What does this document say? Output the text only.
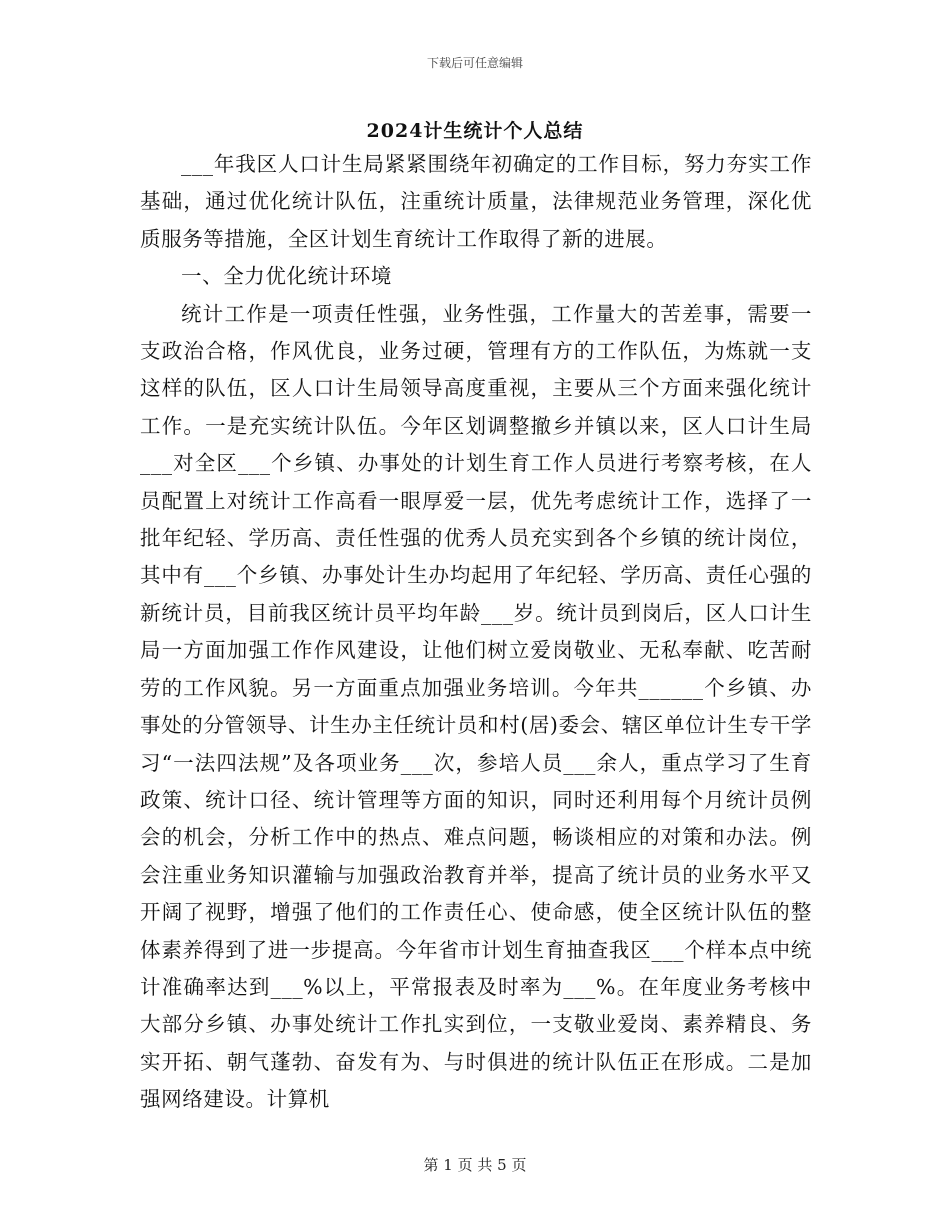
下载后可任意编辑
2024计生统计个人总结

___年我区人口计生局紧紧围绕年初确定的工作目标，努力夯实工作基础，通过优化统计队伍，注重统计质量，法律规范业务管理，深化优质服务等措施，全区计划生育统计工作取得了新的进展。

一、全力优化统计环境

统计工作是一项责任性强，业务性强，工作量大的苦差事，需要一支政治合格，作风优良，业务过硬，管理有方的工作队伍，为炼就一支这样的队伍，区人口计生局领导高度重视，主要从三个方面来强化统计工作。一是充实统计队伍。今年区划调整撤乡并镇以来，区人口计生局___对全区___个乡镇、办事处的计划生育工作人员进行考察考核，在人员配置上对统计工作高看一眼厚爱一层，优先考虑统计工作，选择了一批年纪轻、学历高、责任性强的优秀人员充实到各个乡镇的统计岗位，其中有___个乡镇、办事处计生办均起用了年纪轻、学历高、责任心强的新统计员，目前我区统计员平均年龄___岁。统计员到岗后，区人口计生局一方面加强工作作风建设，让他们树立爱岗敬业、无私奉献、吃苦耐劳的工作风貌。另一方面重点加强业务培训。今年共______个乡镇、办事处的分管领导、计生办主任统计员和村(居)委会、辖区单位计生专干学习“一法四法规”及各项业务___次，参培人员___余人，重点学习了生育政策、统计口径、统计管理等方面的知识，同时还利用每个月统计员例会的机会，分析工作中的热点、难点问题，畅谈相应的对策和办法。例会注重业务知识灌输与加强政治教育并举，提高了统计员的业务水平又开阔了视野，增强了他们的工作责任心、使命感，使全区统计队伍的整体素养得到了进一步提高。今年省市计划生育抽查我区___个样本点中统计准确率达到___%以上，平常报表及时率为___%。在年度业务考核中大部分乡镇、办事处统计工作扎实到位，一支敬业爱岗、素养精良、务实开拓、朝气蓬勃、奋发有为、与时俱进的统计队伍正在形成。二是加强网络建设。计算机

第 1 页 共 5 页
